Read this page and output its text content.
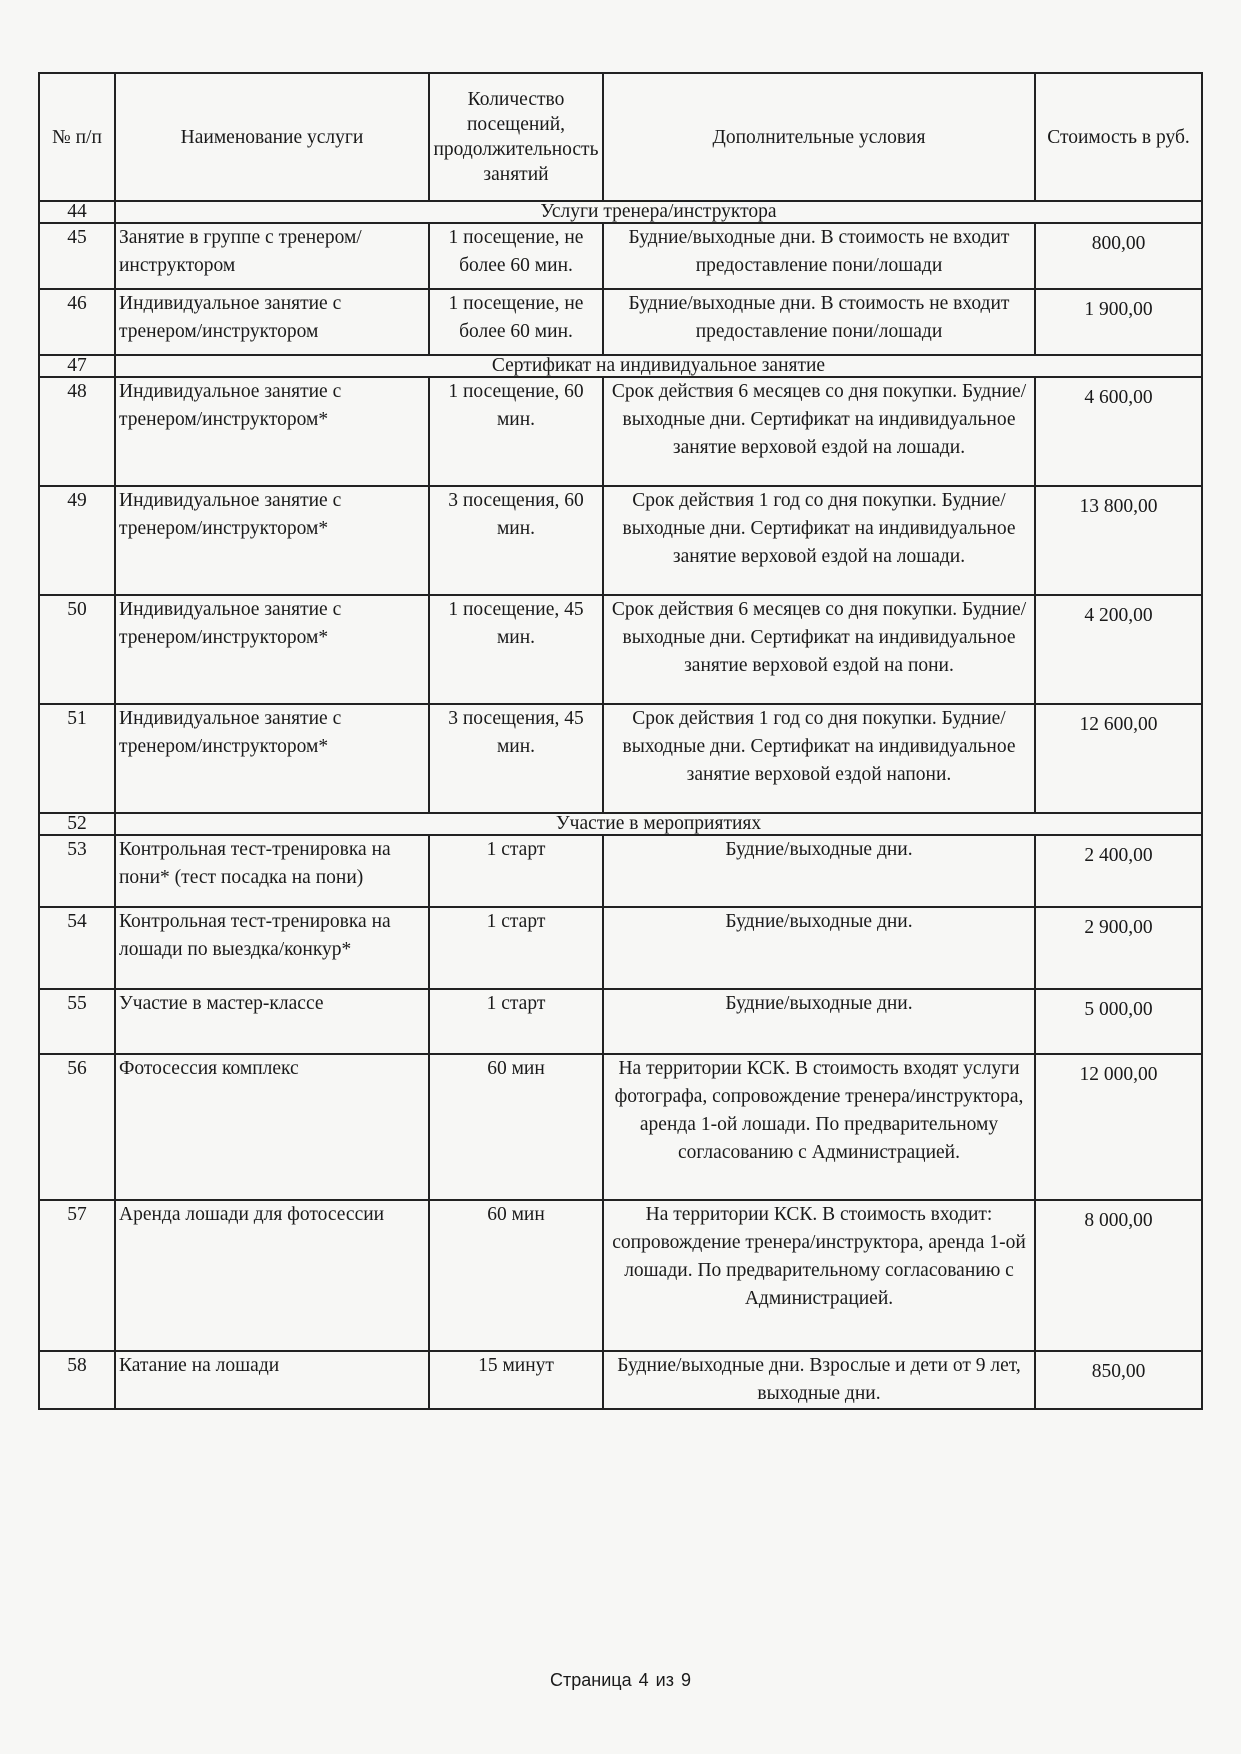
№ п/п	Наименование услуги	Количество посещений, продолжительность занятий	Дополнительные условия	Стоимость в руб.
44	Услуги тренера/инструктора			
45	Занятие в группе с тренером/инструктором	1 посещение, не более 60 мин.	Будние/выходные дни. В стоимость не входит предоставление пони/лошади	800,00
46	Индивидуальное занятие с тренером/инструктором	1 посещение, не более 60 мин.	Будние/выходные дни. В стоимость не входит предоставление пони/лошади	1 900,00
47	Сертификат на индивидуальное занятие			
48	Индивидуальное занятие с тренером/инструктором*	1 посещение, 60 мин.	Срок действия 6 месяцев со дня покупки. Будние/выходные дни. Сертификат на индивидуальное занятие верховой ездой на лошади.	4 600,00
49	Индивидуальное занятие с тренером/инструктором*	3 посещения, 60 мин.	Срок действия 1 год со дня покупки. Будние/выходные дни. Сертификат на индивидуальное занятие верховой ездой на лошади.	13 800,00
50	Индивидуальное занятие с тренером/инструктором*	1 посещение, 45 мин.	Срок действия 6 месяцев со дня покупки. Будние/выходные дни. Сертификат на индивидуальное занятие верховой ездой на пони.	4 200,00
51	Индивидуальное занятие с тренером/инструктором*	3 посещения, 45 мин.	Срок действия 1 год со дня покупки. Будние/выходные дни. Сертификат на индивидуальное занятие верховой ездой напони.	12 600,00
52	Участие в мероприятиях			
53	Контрольная тест-тренировка на пони* (тест посадка на пони)	1 старт	Будние/выходные дни.	2 400,00
54	Контрольная тест-тренировка на лошади по выездка/конкур*	1 старт	Будние/выходные дни.	2 900,00
55	Участие в мастер-классе	1 старт	Будние/выходные дни.	5 000,00
56	Фотосессия комплекс	60 мин	На территории КСК. В стоимость входят услуги фотографа, сопровождение тренера/инструктора, аренда 1-ой лошади. По предварительному согласованию с Администрацией.	12 000,00
57	Аренда лошади для фотосессии	60 мин	На территории КСК. В стоимость входит: сопровождение тренера/инструктора, аренда 1-ой лошади. По предварительному согласованию с Администрацией.	8 000,00
58	Катание на лошади	15 минут	Будние/выходные дни. Взрослые и дети от 9 лет, выходные дни.	850,00
Страница 4 из 9
